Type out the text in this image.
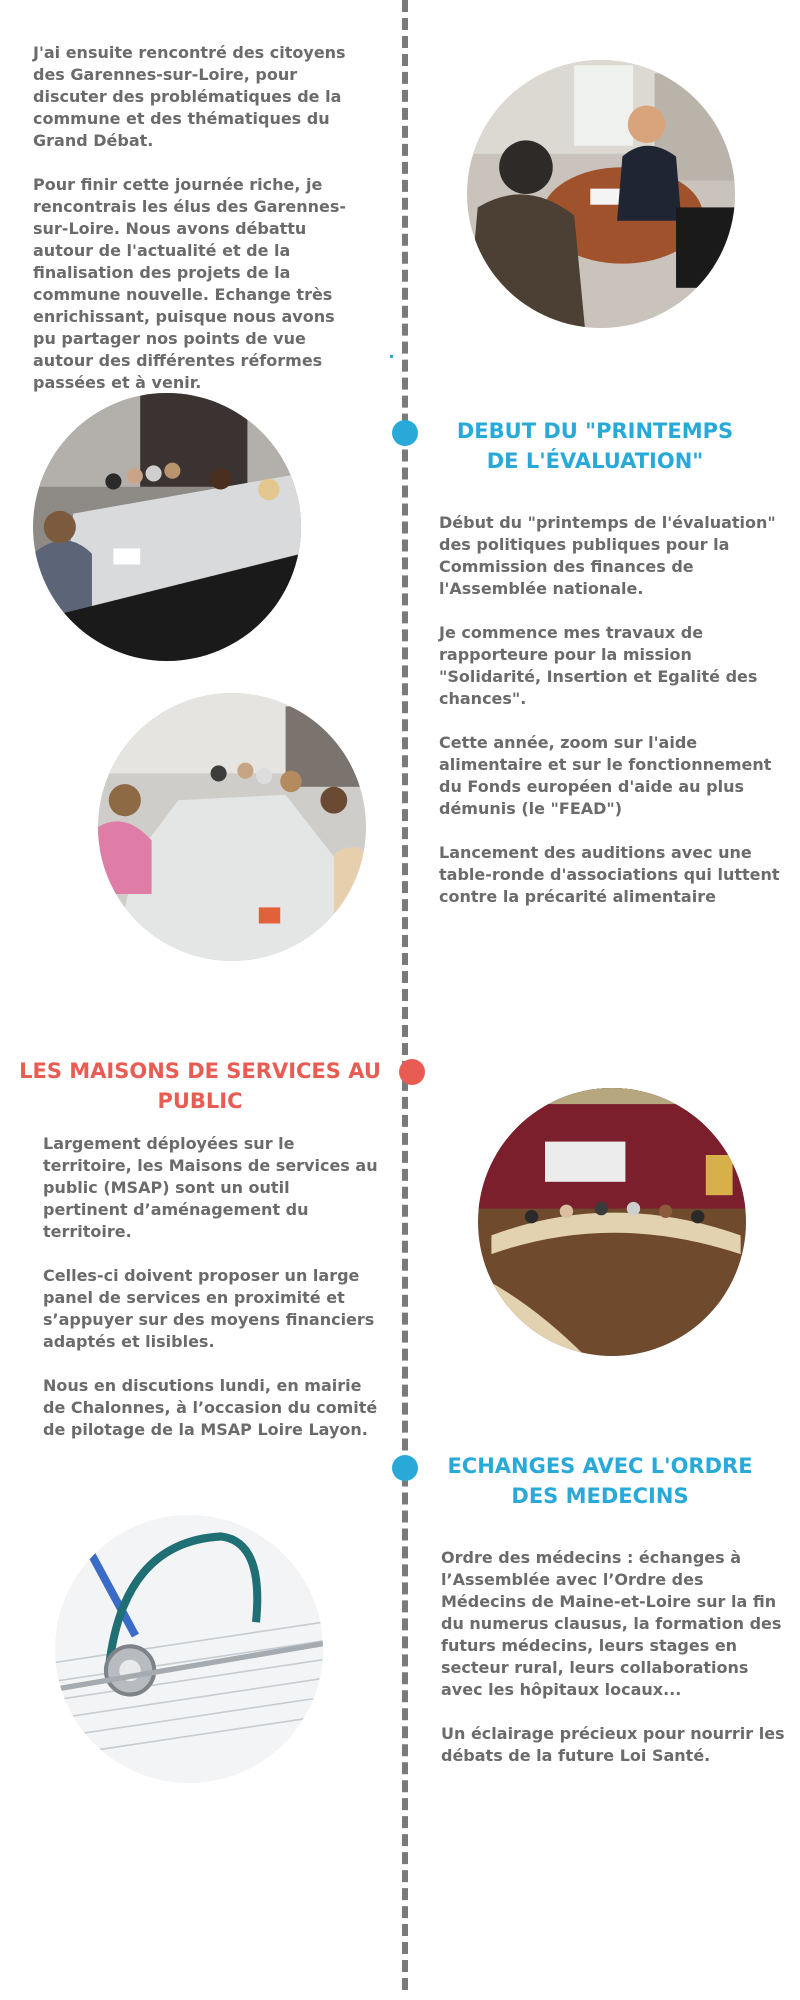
J'ai ensuite rencontré des citoyens des Garennes-sur-Loire, pour discuter des problématiques de la commune et des thématiques du Grand Débat.

Pour finir cette journée riche, je rencontrais les élus des Garennes-sur-Loire. Nous avons débattu autour de l'actualité et de la finalisation des projets de la commune nouvelle. Echange très enrichissant, puisque nous avons pu partager nos points de vue autour des différentes réformes passées et à venir.

DEBUT DU "PRINTEMPS DE L'ÉVALUATION"

Début du "printemps de l'évaluation" des politiques publiques pour la Commission des finances de l'Assemblée nationale.

Je commence mes travaux de rapporteure pour la mission "Solidarité, Insertion et Egalité des chances".

Cette année, zoom sur l'aide alimentaire et sur le fonctionnement du Fonds européen d'aide au plus démunis (le "FEAD")

Lancement des auditions avec une table-ronde d'associations qui luttent contre la précarité alimentaire

LES MAISONS DE SERVICES AU PUBLIC

Largement déployées sur le territoire, les Maisons de services au public (MSAP) sont un outil pertinent d’aménagement du territoire.

Celles-ci doivent proposer un large panel de services en proximité et s’appuyer sur des moyens financiers adaptés et lisibles.

Nous en discutions lundi, en mairie de Chalonnes, à l’occasion du comité de pilotage de la MSAP Loire Layon.

ECHANGES AVEC L'ORDRE DES MEDECINS

Ordre des médecins : échanges à l’Assemblée avec l’Ordre des Médecins de Maine-et-Loire sur la fin du numerus clausus, la formation des futurs médecins, leurs stages en secteur rural, leurs collaborations avec les hôpitaux locaux...

Un éclairage précieux pour nourrir les débats de la future Loi Santé.
